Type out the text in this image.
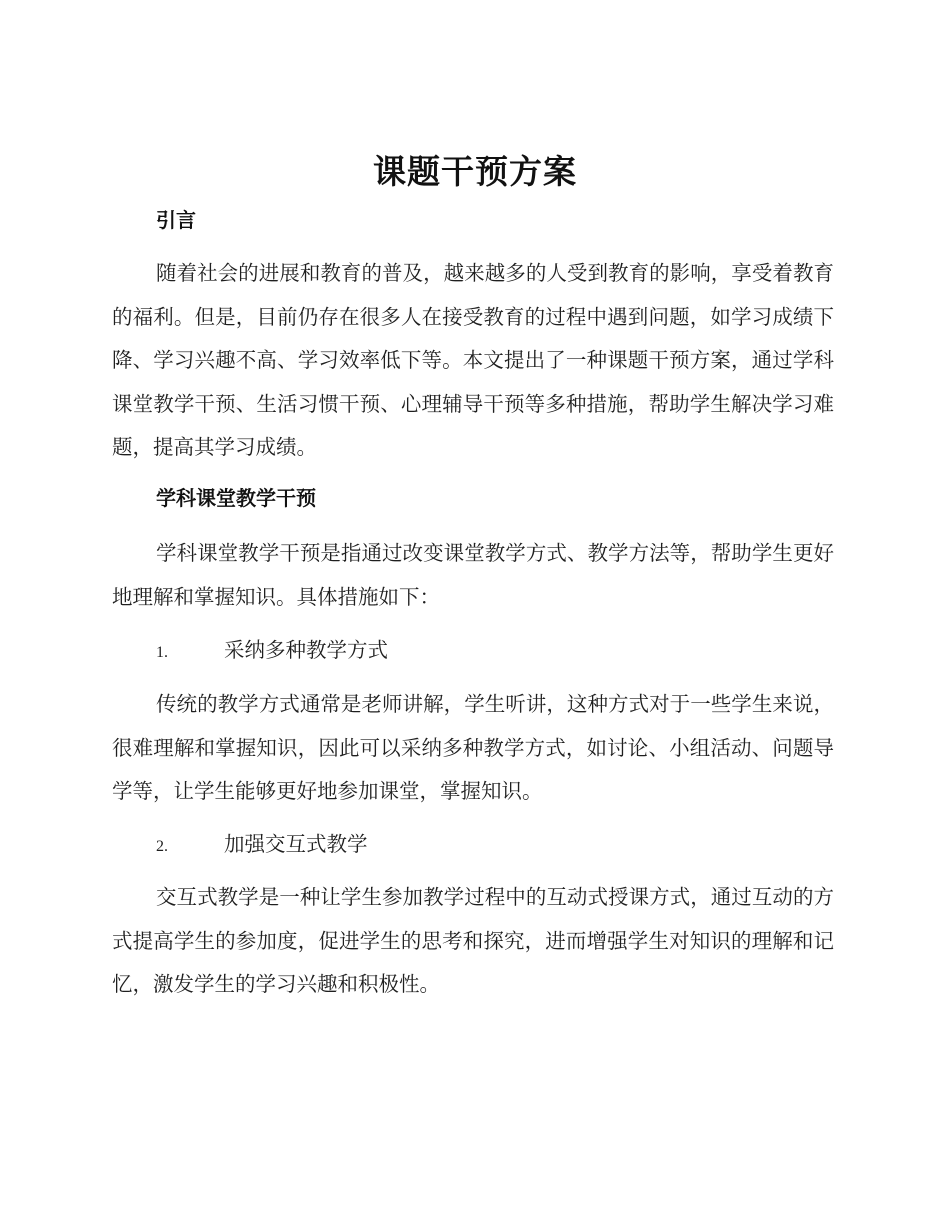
课题干预方案
引言

随着社会的进展和教育的普及，越来越多的人受到教育的影响，享受着教育的福利。但是，目前仍存在很多人在接受教育的过程中遇到问题，如学习成绩下降、学习兴趣不高、学习效率低下等。本文提出了一种课题干预方案，通过学科课堂教学干预、生活习惯干预、心理辅导干预等多种措施，帮助学生解决学习难题，提高其学习成绩。

学科课堂教学干预

学科课堂教学干预是指通过改变课堂教学方式、教学方法等，帮助学生更好地理解和掌握知识。具体措施如下：

1.	采纳多种教学方式

传统的教学方式通常是老师讲解，学生听讲，这种方式对于一些学生来说，很难理解和掌握知识，因此可以采纳多种教学方式，如讨论、小组活动、问题导学等，让学生能够更好地参加课堂，掌握知识。

2.	加强交互式教学

交互式教学是一种让学生参加教学过程中的互动式授课方式，通过互动的方式提高学生的参加度，促进学生的思考和探究，进而增强学生对知识的理解和记忆，激发学生的学习兴趣和积极性。
